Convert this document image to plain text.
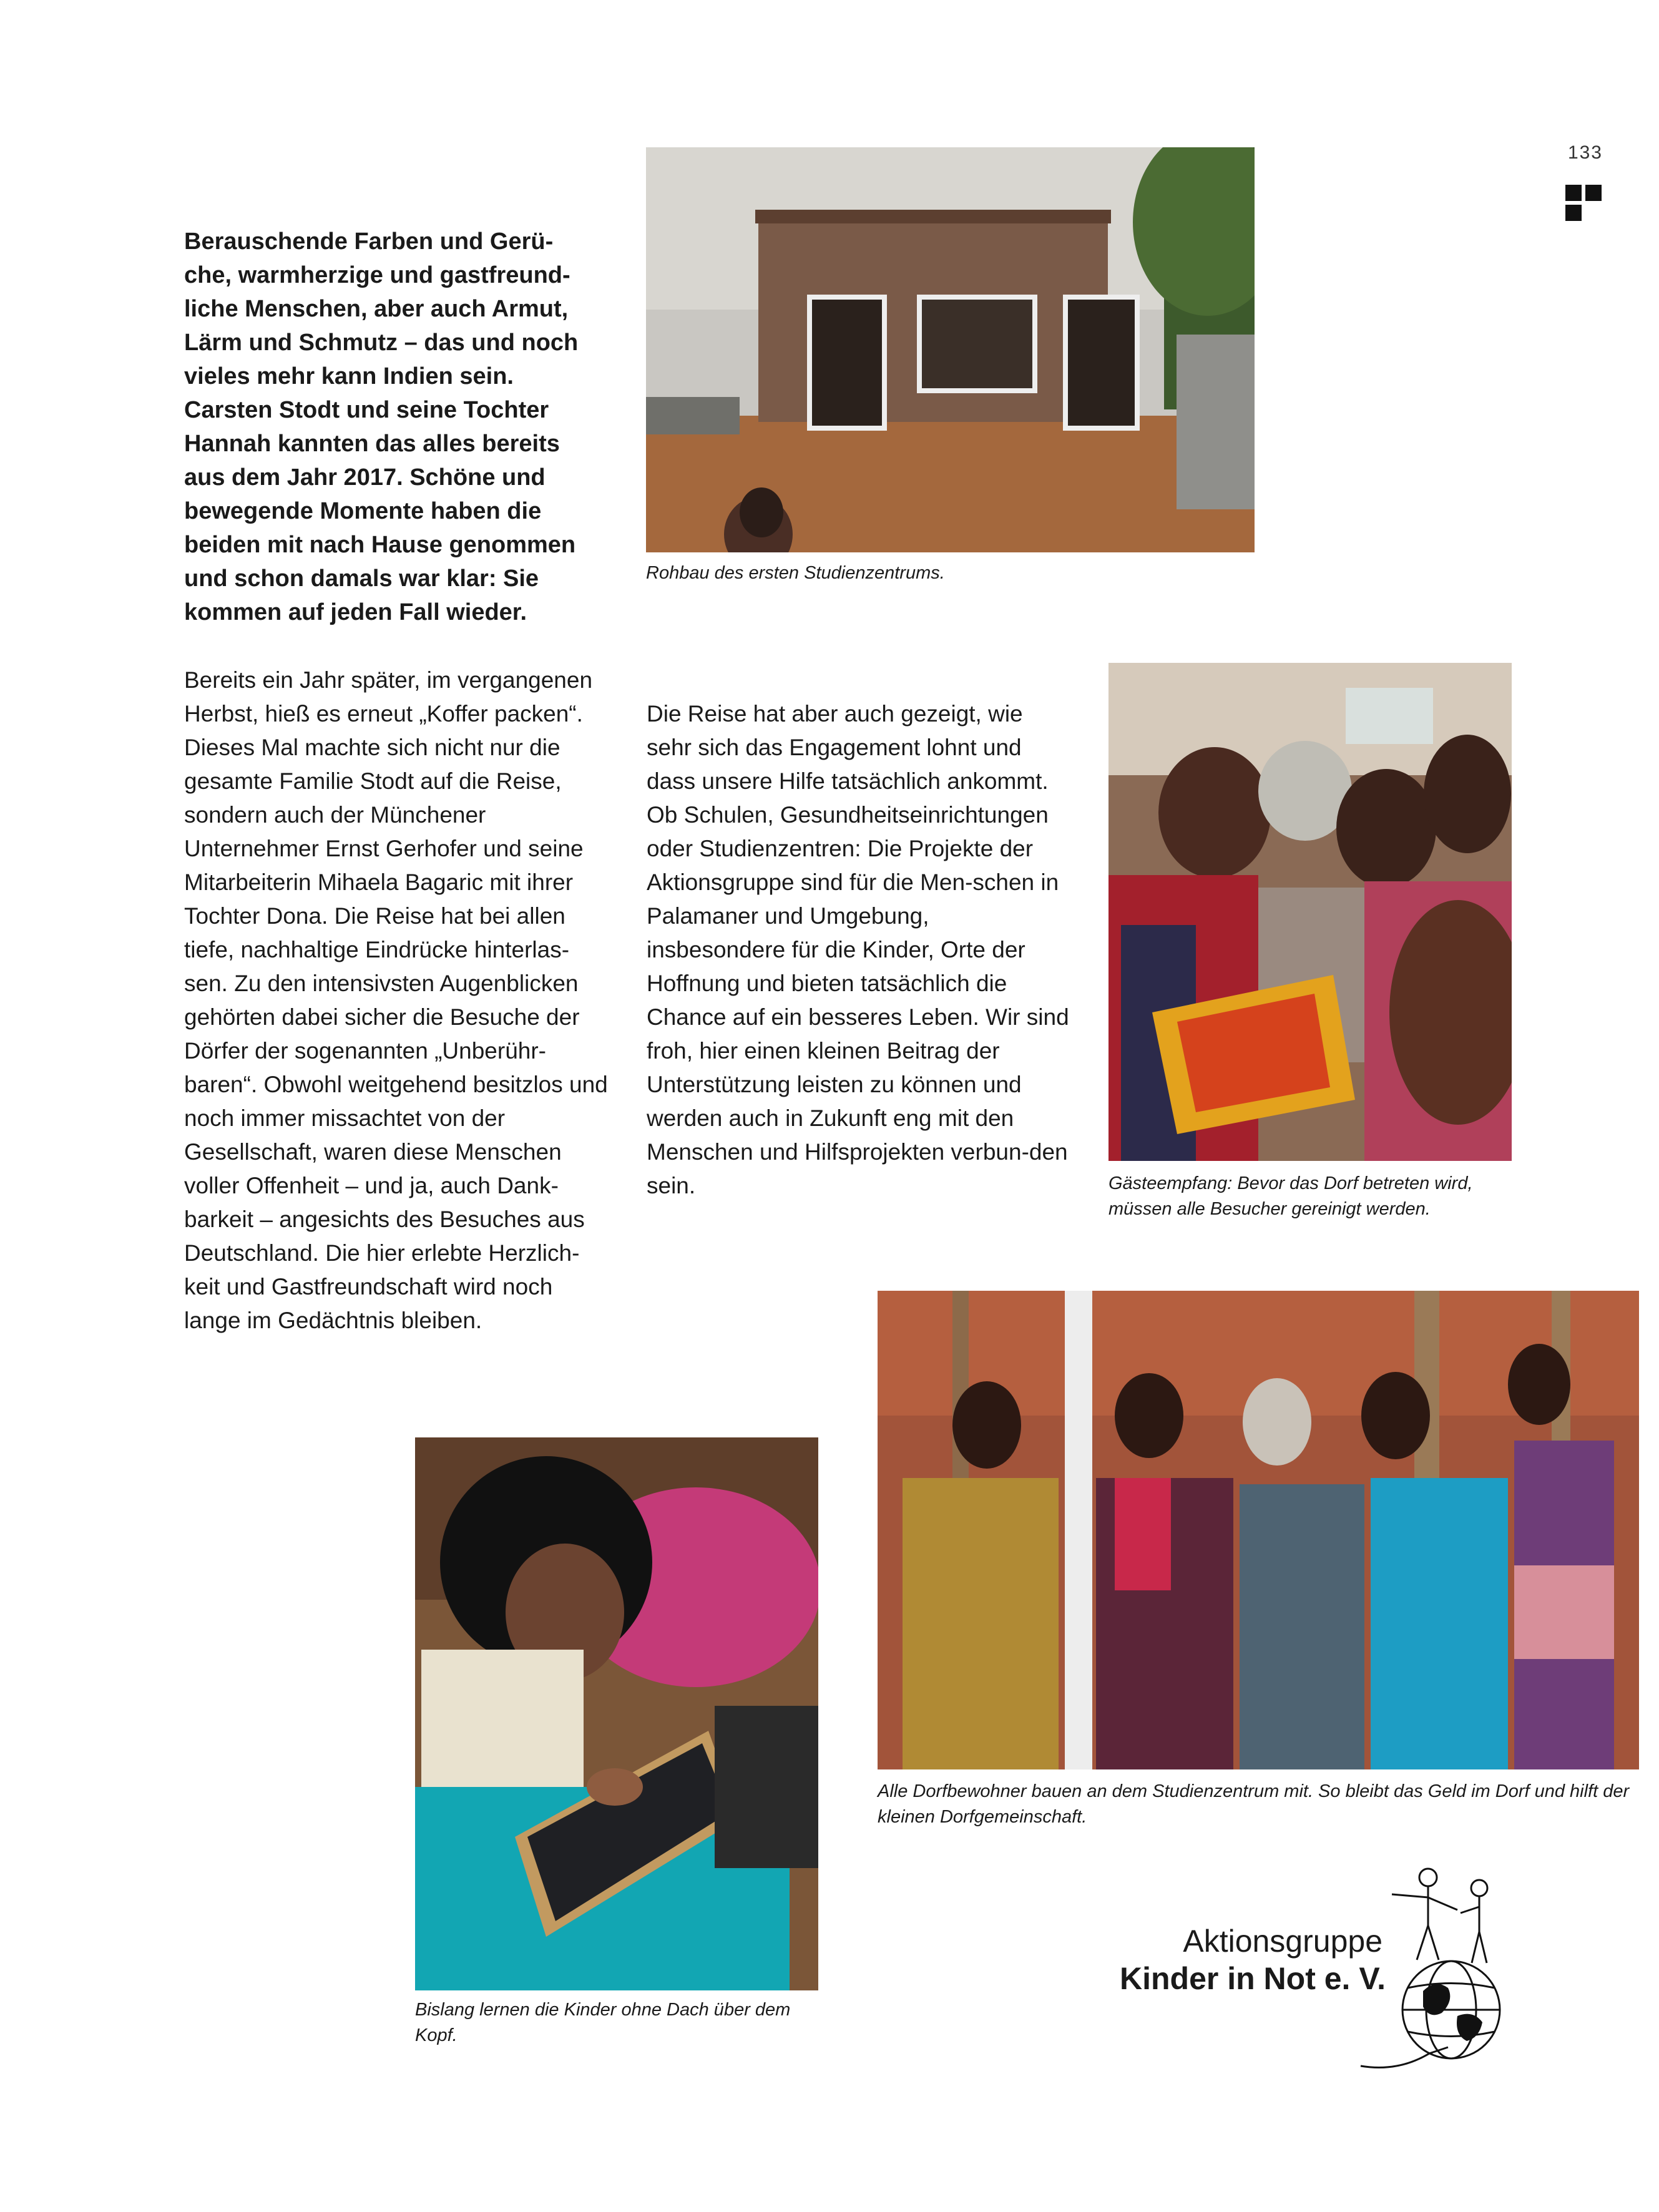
133
Berauschende Farben und Gerü-che, warmherzige und gastfreund-liche Menschen, aber auch Armut, Lärm und Schmutz – das und noch vieles mehr kann Indien sein. Carsten Stodt und seine Tochter Hannah kannten das alles bereits aus dem Jahr 2017. Schöne und bewegende Momente haben die beiden mit nach Hause genommen und schon damals war klar: Sie kommen auf jeden Fall wieder.
Bereits ein Jahr später, im vergangenen Herbst, hieß es erneut „Koffer packen“. Dieses Mal machte sich nicht nur die gesamte Familie Stodt auf die Reise, sondern auch der Münchener Unternehmer Ernst Gerhofer und seine Mitarbeiterin Mihaela Bagaric mit ihrer Tochter Dona. Die Reise hat bei allen tiefe, nachhaltige Eindrücke hinterlas-sen. Zu den intensivsten Augenblicken gehörten dabei sicher die Besuche der Dörfer der sogenannten „Unberühr-baren“. Obwohl weitgehend besitzlos und noch immer missachtet von der Gesellschaft, waren diese Menschen voller Offenheit – und ja, auch Dank-barkeit – angesichts des Besuches aus Deutschland. Die hier erlebte Herzlich-keit und Gastfreundschaft wird noch lange im Gedächtnis bleiben.
Die Reise hat aber auch gezeigt, wie sehr sich das Engagement lohnt und dass unsere Hilfe tatsächlich ankommt. Ob Schulen, Gesundheitseinrichtungen oder Studienzentren: Die Projekte der Aktionsgruppe sind für die Men-schen in Palamaner und Umgebung, insbesondere für die Kinder, Orte der Hoffnung und bieten tatsächlich die Chance auf ein besseres Leben. Wir sind froh, hier einen kleinen Beitrag der Unterstützung leisten zu können und werden auch in Zukunft eng mit den Menschen und Hilfsprojekten verbun-den sein.
Rohbau des ersten Studienzentrums.
Gästeempfang: Bevor das Dorf betreten wird, müssen alle Besucher gereinigt werden.
Alle Dorfbewohner bauen an dem Studienzentrum mit. So bleibt das Geld im Dorf und hilft der kleinen Dorfgemeinschaft.
Bislang lernen die Kinder ohne Dach über dem Kopf.
Aktionsgruppe
Kinder in Not e. V.
